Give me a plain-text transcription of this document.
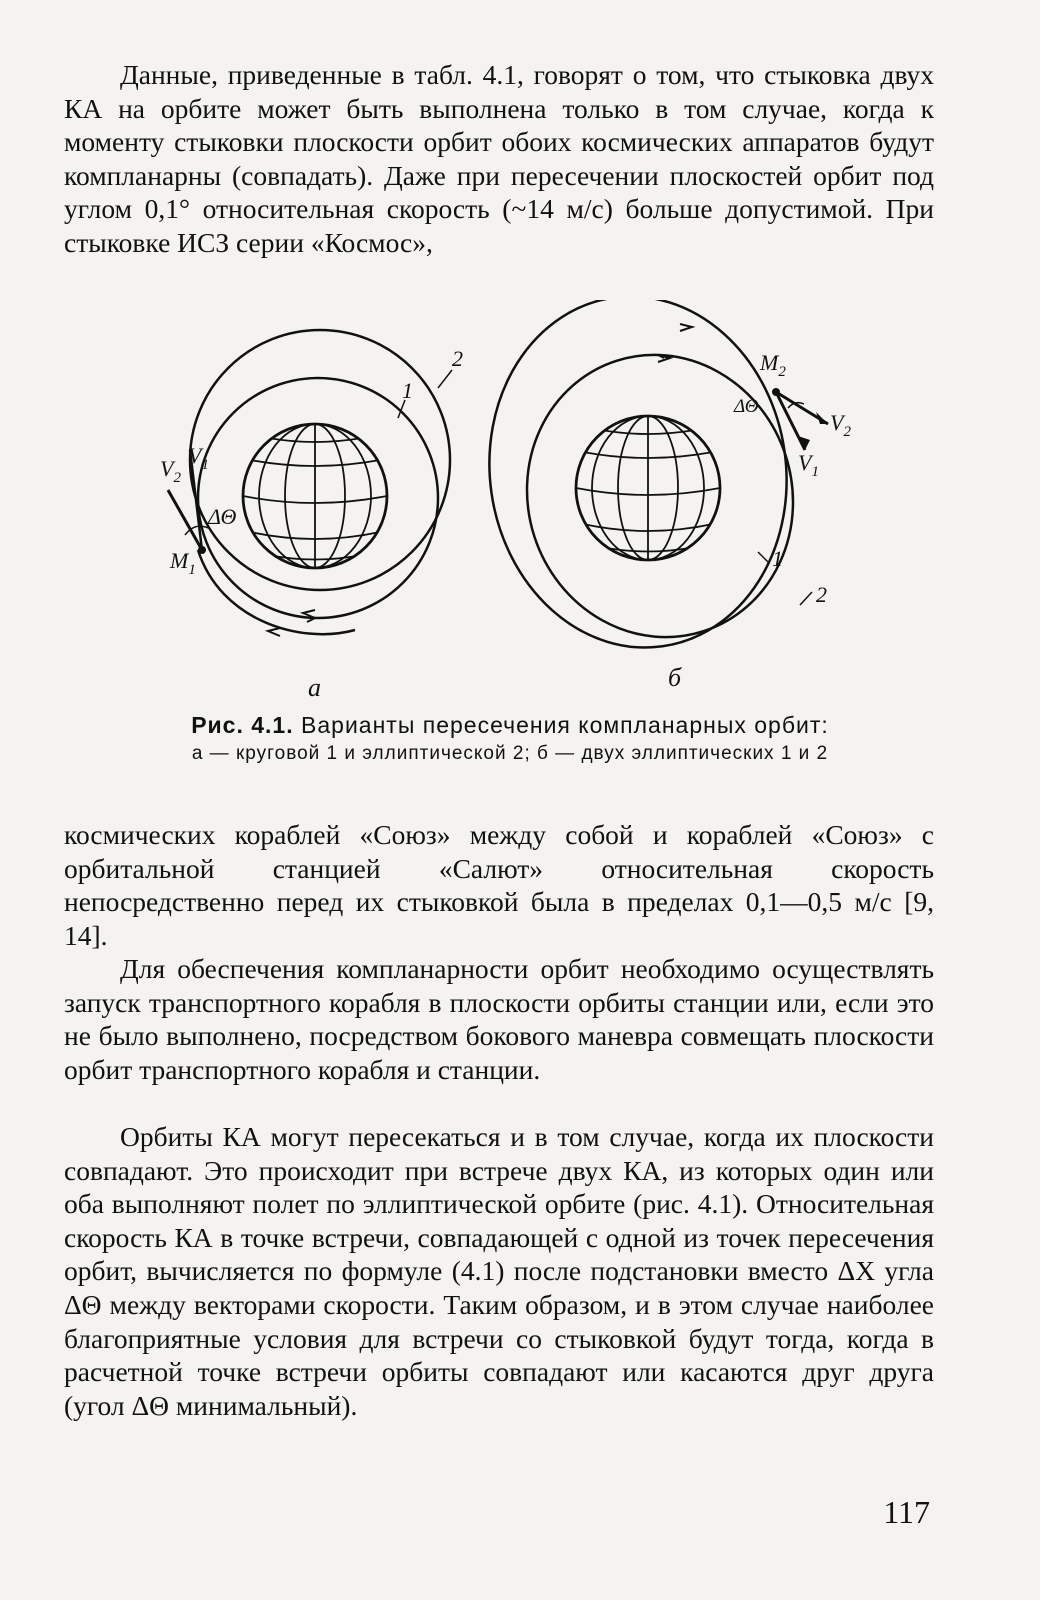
Данные, приведенные в табл. 4.1, говорят о том, что стыковка двух КА на орбите может быть выполнена только в том случае, когда к моменту стыковки плоскости орбит обоих космических аппаратов будут компланарны (совпадать). Даже при пересечении плоскостей орбит под углом 0,1° относительная скорость (~14 м/с) больше допустимой. При стыковке ИСЗ серии «Космос»,

$V_2$
$V_1$
ΔΘ
$M_1$
2
1
а
$M_2$
ΔΘ
$V_2$
$V_1$
1
2
б

Рис. 4.1. Варианты пересечения компланарных орбит:
а — круговой 1 и эллиптической 2; б — двух эллиптических 1 и 2

космических кораблей «Союз» между собой и кораблей «Союз» с орбитальной станцией «Салют» относительная скорость непосредственно перед их стыковкой была в пределах 0,1—0,5 м/с [9, 14].

Для обеспечения компланарности орбит необходимо осуществлять запуск транспортного корабля в плоскости орбиты станции или, если это не было выполнено, посредством бокового маневра совмещать плоскости орбит транспортного корабля и станции.

Орбиты КА могут пересекаться и в том случае, когда их плоскости совпадают. Это происходит при встрече двух КА, из которых один или оба выполняют полет по эллиптической орбите (рис. 4.1). Относительная скорость КА в точке встречи, совпадающей с одной из точек пересечения орбит, вычисляется по формуле (4.1) после подстановки вместо ΔΧ угла ΔΘ между векторами скорости. Таким образом, и в этом случае наиболее благоприятные условия для встречи со стыковкой будут тогда, когда в расчетной точке встречи орбиты совпадают или касаются друг друга (угол ΔΘ минимальный).

117
